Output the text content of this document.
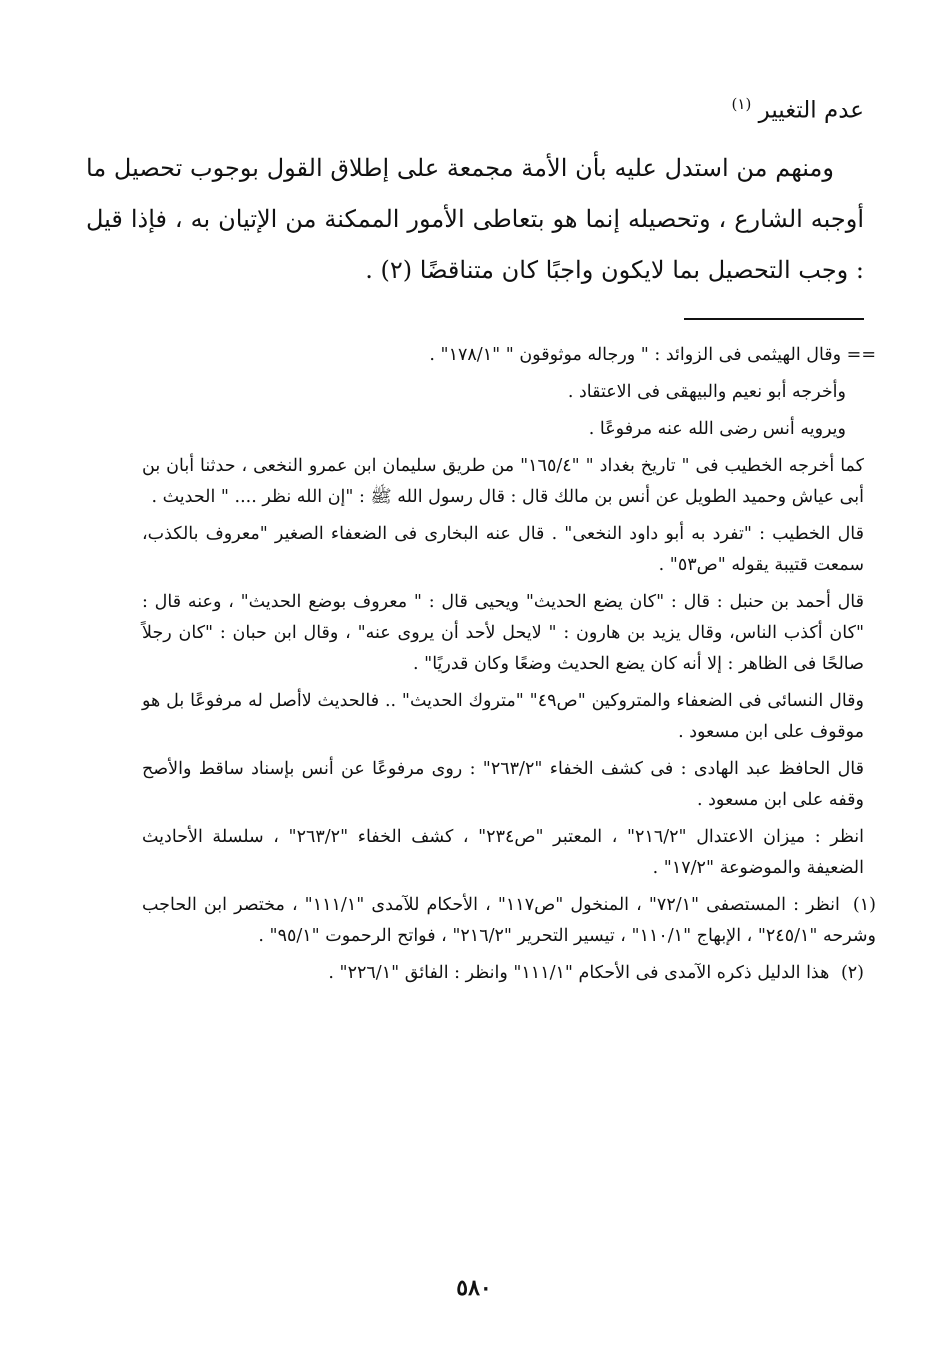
عدم التغيير $^{(١)}$

ومنهم من استدل عليه بأن الأمة مجمعة على إطلاق القول بوجوب تحصيل ما أوجبه الشارع ، وتحصيله إنما هو بتعاطى الأمور الممكنة من الإتيان به ، فإذا قيل : وجب التحصيل بما لايكون واجبًا كان متناقضًا (٢) .

== وقال الهيثمى فى الزوائد : " ورجاله موثوقون " "١٧٨/١" .

وأخرجه أبو نعيم والبيهقى فى الاعتقاد .

ويرويه أنس رضى الله عنه مرفوعًا .

كما أخرجه الخطيب فى " تاريخ بغداد " "١٦٥/٤" من طريق سليمان ابن عمرو النخعى ، حدثنا أبان بن أبى عياش وحميد الطويل عن أنس بن مالك قال : قال رسول الله ﷺ : "إن الله نظر .... " الحديث .

قال الخطيب : "تفرد به أبو داود النخعى" . قال عنه البخارى فى الضعفاء الصغير "معروف بالكذب، سمعت قتيبة يقوله "ص٥٣" .

قال أحمد بن حنبل : قال : "كان يضع الحديث" ويحيى قال : " معروف بوضع الحديث" ، وعنه قال : "كان أكذب الناس، وقال يزيد بن هارون : " لايحل لأحد أن يروى عنه" ، وقال ابن حبان : "كان رجلاً صالحًا فى الظاهر : إلا أنه كان يضع الحديث وضعًا وكان قدريًا" .

وقال النسائى فى الضعفاء والمتروكين "ص٤٩" "متروك الحديث" .. فالحديث لاأصل له مرفوعًا بل هو موقوف على ابن مسعود .

قال الحافظ عبد الهادى : فى كشف الخفاء "٢٦٣/٢" : روى مرفوعًا عن أنس بإسناد ساقط والأصح وقفه على ابن مسعود .

انظر : ميزان الاعتدال "٢١٦/٢" ، المعتبر "ص٢٣٤" ، كشف الخفاء "٢٦٣/٢" ، سلسلة الأحاديث الضعيفة والموضوعة "١٧/٢" .

(١) انظر : المستصفى "٧٢/١" ، المنخول "ص١١٧" ، الأحكام للآمدى "١١١/١" ، مختصر ابن الحاجب وشرحه "٢٤٥/١" ، الإبهاج "١١٠/١" ، تيسير التحرير "٢١٦/٢" ، فواتح الرحموت "٩٥/١" .

(٢) هذا الدليل ذكره الآمدى فى الأحكام "١١١/١" وانظر : الفائق "٢٢٦/١" .

٥٨٠
